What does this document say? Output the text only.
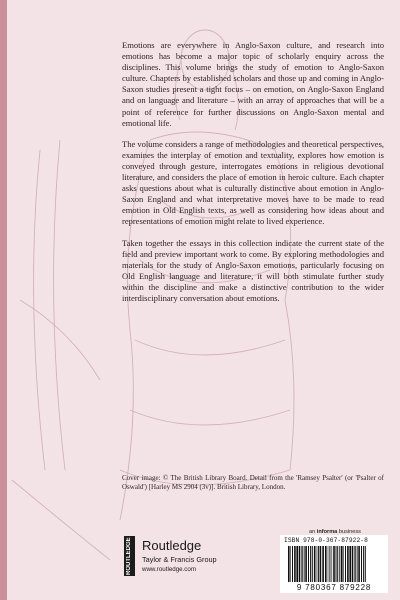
Emotions are everywhere in Anglo-Saxon culture, and research into emotions has become a major topic of scholarly enquiry across the disciplines. This volume brings the study of emotion to Anglo-Saxon culture. Chapters by established scholars and those up and coming in Anglo-Saxon studies present a tight focus – on emotion, on Anglo-Saxon England and on language and literature – with an array of approaches that will be a point of reference for further discussions on Anglo-Saxon mental and emotional life.

The volume considers a range of methodologies and theoretical perspectives, examines the interplay of emotion and textuality, explores how emotion is conveyed through gesture, interrogates emotions in religious devotional literature, and considers the place of emotion in heroic culture. Each chapter asks questions about what is culturally distinctive about emotion in Anglo-Saxon England and what interpretative moves have to be made to read emotion in Old English texts, as well as considering how ideas about and representations of emotion might relate to lived experience.

Taken together the essays in this collection indicate the current state of the field and preview important work to come. By exploring methodologies and materials for the study of Anglo-Saxon emotions, particularly focusing on Old English language and literature, it will both stimulate further study within the discipline and make a distinctive contribution to the wider interdisciplinary conversation about emotions.

Cover image: © The British Library Board. Detail from the 'Ramsey Psalter' (or 'Psalter of Oswald') [Harley MS 2904 (3v)]. British Library, London.

an informa business
ROUTLEDGE Routledge
Taylor & Francis Group
www.routledge.com
ISBN 978-0-367-87922-8
9 780367 879228
